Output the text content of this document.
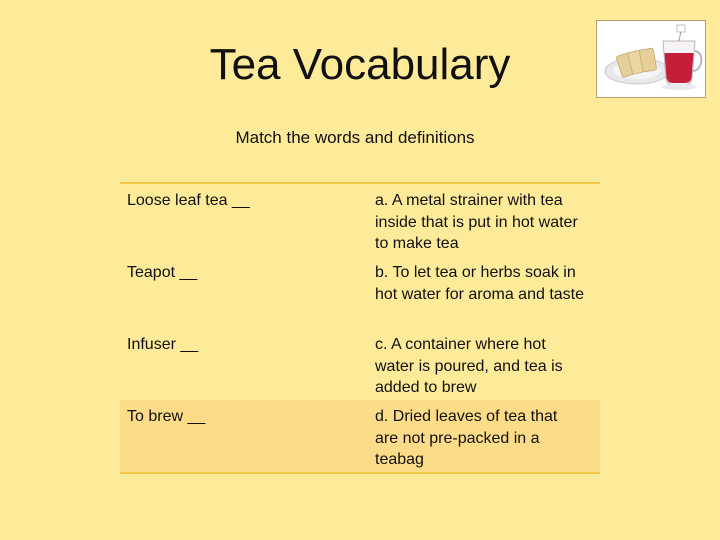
Tea Vocabulary
Match the words and definitions
Loose leaf tea __	a. A metal strainer with tea inside that is put in hot water to make tea
Teapot __	b. To let tea or herbs soak in hot water for aroma and taste
Infuser __	c. A container where hot water is poured, and tea is added to brew
To brew __	d. Dried leaves of tea that are not pre-packed in a teabag
